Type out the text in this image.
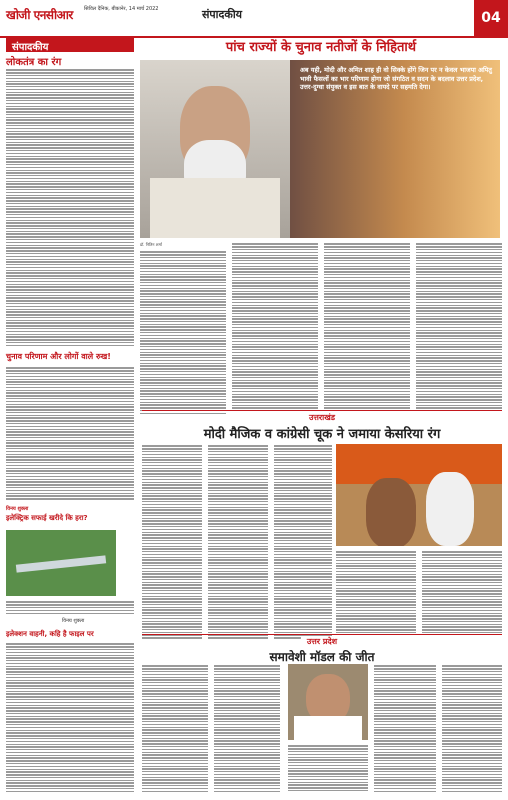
खोजी एनसीआर सिविल दैनिक, बीकानेर, 14 मार्च 2022	संपादकीय	04
संपादकीय
लोकतंत्र का रंग
चुनाव परिणाम और लोगों वाले रुख!
विनय शुक्ला
इलेक्ट्रिक सफाई खरीदे कि हरा?
विनय शुक्ला
इलेक्शन वाहनी, कहि है फाइल पर
पांच राज्यों के चुनाव नतीजों के निहितार्थ
अब यही, मोदी और अमित शाह ही वो सिक्के होंगे जिन पर न केवल भाजपा अपितु भावी फैसलों का भार परिणाम होगा जो संगठित व सदन के बदलाव उत्तर प्रदेश, उत्तर-दुग्धा संयुक्त व इस बात के वायदे पर सहमति देगा।
डॉ. नितिन शर्मा
उत्तराखंड
मोदी मैजिक व कांग्रेसी चूक ने जमाया केसरिया रंग
उत्तर प्रदेश
समावेशी मॉडल की जीत
